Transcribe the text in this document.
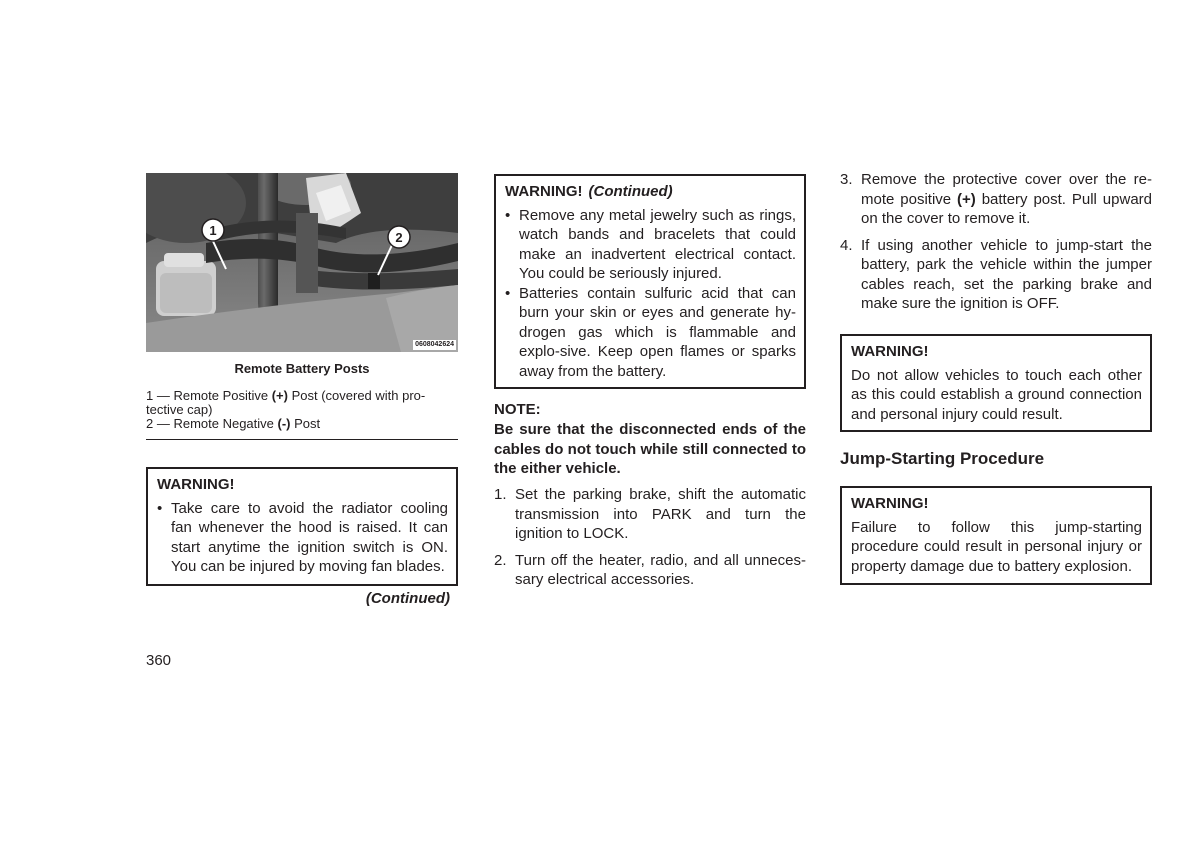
1	2
0608042624
Remote Battery Posts
1 — Remote Positive (+) Post (covered with pro-
tective cap)
2 — Remote Negative (-) Post
WARNING!
• Take care to avoid the radiator cooling fan whenever the hood is raised. It can start anytime the ignition switch is ON. You can be injured by moving fan blades.
(Continued)
360
WARNING! (Continued)
• Remove any metal jewelry such as rings, watch bands and bracelets that could make an inadvertent electrical contact. You could be seriously injured.
• Batteries contain sulfuric acid that can burn your skin or eyes and generate hy-drogen gas which is flammable and explo-sive. Keep open flames or sparks away from the battery.
NOTE:
Be sure that the disconnected ends of the cables do not touch while still connected to the either vehicle.
1. Set the parking brake, shift the automatic transmission into PARK and turn the ignition to LOCK.
2. Turn off the heater, radio, and all unneces-sary electrical accessories.
3. Remove the protective cover over the re-mote positive (+) battery post. Pull upward on the cover to remove it.
4. If using another vehicle to jump-start the battery, park the vehicle within the jumper cables reach, set the parking brake and make sure the ignition is OFF.
WARNING!
Do not allow vehicles to touch each other as this could establish a ground connection and personal injury could result.
Jump-Starting Procedure
WARNING!
Failure to follow this jump-starting procedure could result in personal injury or property damage due to battery explosion.
